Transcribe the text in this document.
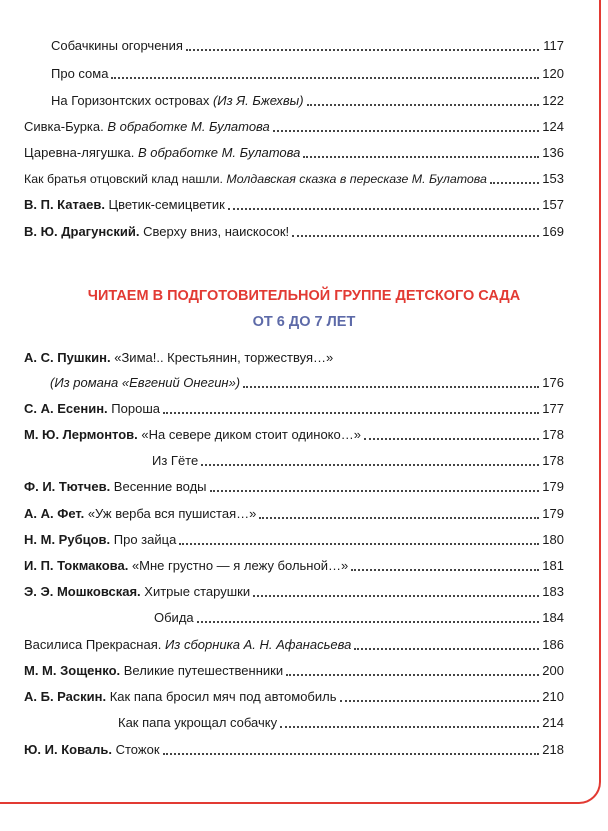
Собачкины огорчения	117
Про сома	120
На Горизонтских островах (Из Я. Бжехвы)	122
Сивка-Бурка. В обработке М. Булатова	124
Царевна-лягушка. В обработке М. Булатова	136
Как братья отцовский клад нашли. Молдавская сказка в пересказе М. Булатова	153
В. П. Катаев. Цветик-семицветик	157
В. Ю. Драгунский. Сверху вниз, наискосок!	169
ЧИТАЕМ В ПОДГОТОВИТЕЛЬНОЙ ГРУППЕ ДЕТСКОГО САДА
ОТ 6 ДО 7 ЛЕТ
А. С. Пушкин. «Зима!.. Крестьянин, торжествуя…»
(Из романа «Евгений Онегин»)	176
С. А. Есенин. Пороша	177
М. Ю. Лермонтов. «На севере диком стоит одиноко…»	178
Из Гёте	178
Ф. И. Тютчев. Весенние воды	179
А. А. Фет. «Уж верба вся пушистая…»	179
Н. М. Рубцов. Про зайца	180
И. П. Токмакова. «Мне грустно — я лежу больной…»	181
Э. Э. Мошковская. Хитрые старушки	183
Обида	184
Василиса Прекрасная. Из сборника А. Н. Афанасьева	186
М. М. Зощенко. Великие путешественники	200
А. Б. Раскин. Как папа бросил мяч под автомобиль	210
Как папа укрощал собачку	214
Ю. И. Коваль. Стожок	218
